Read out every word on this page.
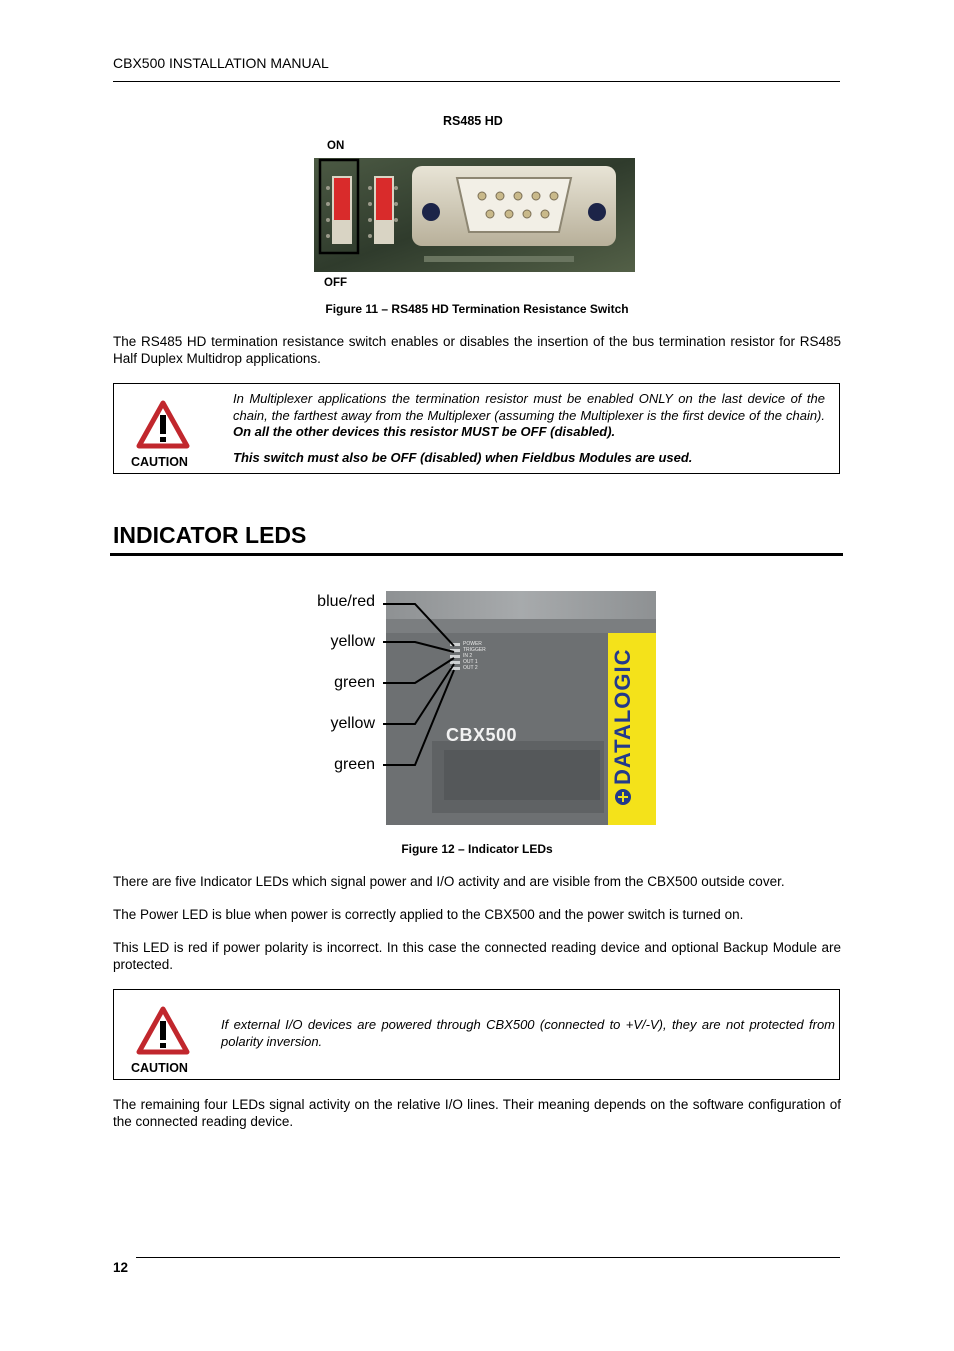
CBX500 INSTALLATION MANUAL
RS485 HD
ON
OFF
Figure 11 – RS485 HD Termination Resistance Switch
The RS485 HD termination resistance switch enables or disables the insertion of the bus termination resistor for RS485 Half Duplex Multidrop applications.
CAUTION
In Multiplexer applications the termination resistor must be enabled ONLY on the last device of the chain, the farthest away from the Multiplexer (assuming the Multiplexer is the first device of the chain). On all the other devices this resistor MUST be OFF (disabled).
This switch must also be OFF (disabled) when Fieldbus Modules are used.
INDICATOR LEDS
blue/red
yellow
green
yellow
green
POWER
TRIGGER
IN 2
OUT 1
OUT 2
CBX500	DATALOGIC
Figure 12 – Indicator LEDs
There are five Indicator LEDs which signal power and I/O activity and are visible from the CBX500 outside cover.
The Power LED is blue when power is correctly applied to the CBX500 and the power switch is turned on.
This LED is red if power polarity is incorrect. In this case the connected reading device and optional Backup Module are protected.
CAUTION
If external I/O devices are powered through CBX500 (connected to +V/-V), they are not protected from polarity inversion.
The remaining four LEDs signal activity on the relative I/O lines. Their meaning depends on the software configuration of the connected reading device.
12
